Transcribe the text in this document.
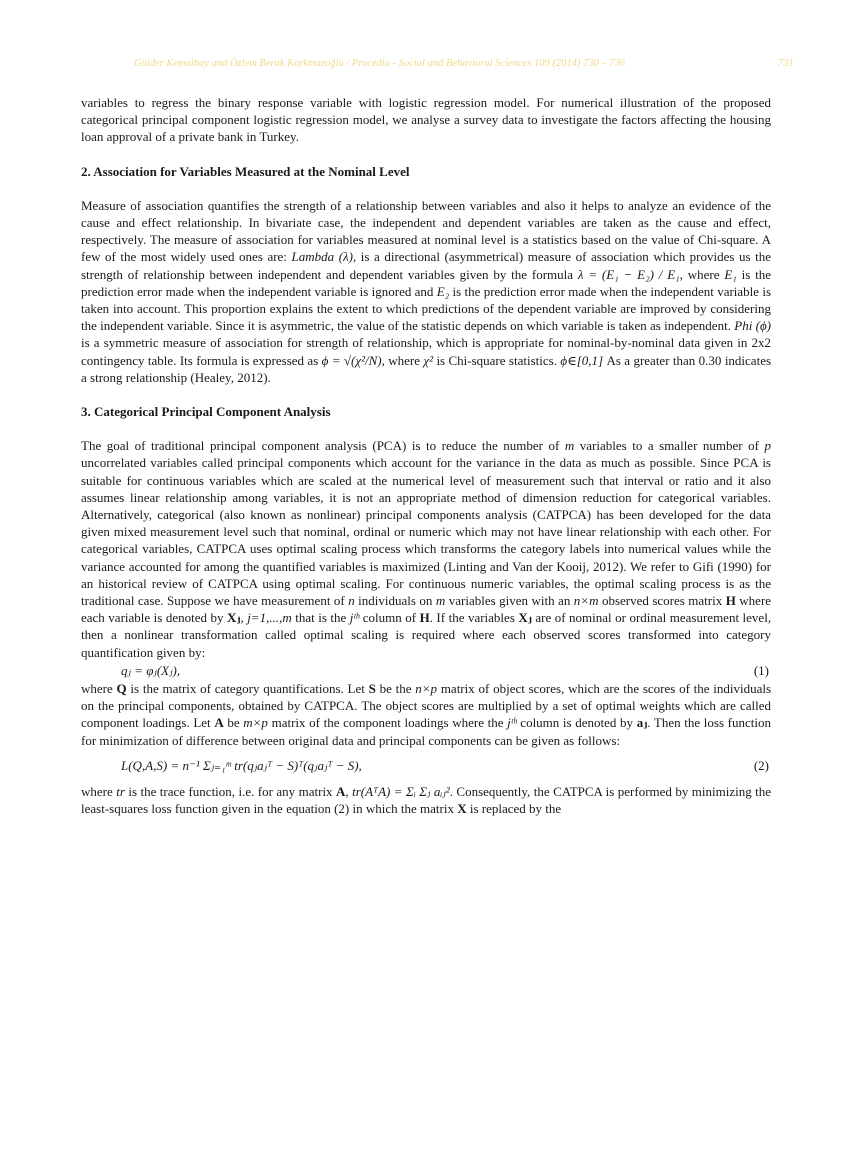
Gülder Kemalbay and Özlem Berak Korkmazoğlu / Procedia - Social and Behavioral Sciences 109 (2014) 730 – 736	731

variables to regress the binary response variable with logistic regression model. For numerical illustration of the proposed categorical principal component logistic regression model, we analyse a survey data to investigate the factors affecting the housing loan approval of a private bank in Turkey.

2. Association for Variables Measured at the Nominal Level

Measure of association quantifies the strength of a relationship between variables and also it helps to analyze an evidence of the cause and effect relationship. In bivariate case, the independent and dependent variables are taken as the cause and effect, respectively. The measure of association for variables measured at nominal level is a statistics based on the value of Chi-square. A few of the most widely used ones are: Lambda (λ), is a directional (asymmetrical) measure of association which provides us the strength of relationship between independent and dependent variables given by the formula λ = (E₁ − E₂) / E₁, where E₁ is the prediction error made when the independent variable is ignored and E₂ is the prediction error made when the independent variable is taken into account. This proportion explains the extent to which predictions of the dependent variable are improved by considering the independent variable. Since it is asymmetric, the value of the statistic depends on which variable is taken as independent. Phi (ϕ) is a symmetric measure of association for strength of relationship, which is appropriate for nominal-by-nominal data given in 2x2 contingency table. Its formula is expressed as ϕ = √(χ²/N), where χ² is Chi-square statistics. ϕ∈[0,1] As a greater than 0.30 indicates a strong relationship (Healey, 2012).

3. Categorical Principal Component Analysis

The goal of traditional principal component analysis (PCA) is to reduce the number of m variables to a smaller number of p uncorrelated variables called principal components which account for the variance in the data as much as possible. Since PCA is suitable for continuous variables which are scaled at the numerical level of measurement such that interval or ratio and it also assumes linear relationship among variables, it is not an appropriate method of dimension reduction for categorical variables. Alternatively, categorical (also known as nonlinear) principal components analysis (CATPCA) has been developed for the data given mixed measurement level such that nominal, ordinal or numeric which may not have linear relationship with each other. For categorical variables, CATPCA uses optimal scaling process which transforms the category labels into numerical values while the variance accounted for among the quantified variables is maximized (Linting and Van der Kooij, 2012). We refer to Gifi (1990) for an historical review of CATPCA using optimal scaling. For continuous numeric variables, the optimal scaling process is as the traditional case. Suppose we have measurement of n individuals on m variables given with an n×m observed scores matrix H where each variable is denoted by Xⱼ, j=1,...,m that is the jᵗʰ column of H. If the variables Xⱼ are of nominal or ordinal measurement level, then a nonlinear transformation called optimal scaling is required where each observed scores transformed into category quantification given by:

qⱼ = φⱼ(Xⱼ),	(1)

where Q is the matrix of category quantifications. Let S be the n×p matrix of object scores, which are the scores of the individuals on the principal components, obtained by CATPCA. The object scores are multiplied by a set of optimal weights which are called component loadings. Let A be m×p matrix of the component loadings where the jᵗʰ column is denoted by aⱼ. Then the loss function for minimization of difference between original data and principal components can be given as follows:

L(Q,A,S) = n⁻¹ Σⱼ₌₁ᵐ tr(qⱼaⱼᵀ − S)ᵀ(qⱼaⱼᵀ − S),	(2)

where tr is the trace function, i.e. for any matrix A, tr(AᵀA) = Σᵢ Σⱼ aᵢⱼ². Consequently, the CATPCA is performed by minimizing the least-squares loss function given in the equation (2) in which the matrix X is replaced by the
